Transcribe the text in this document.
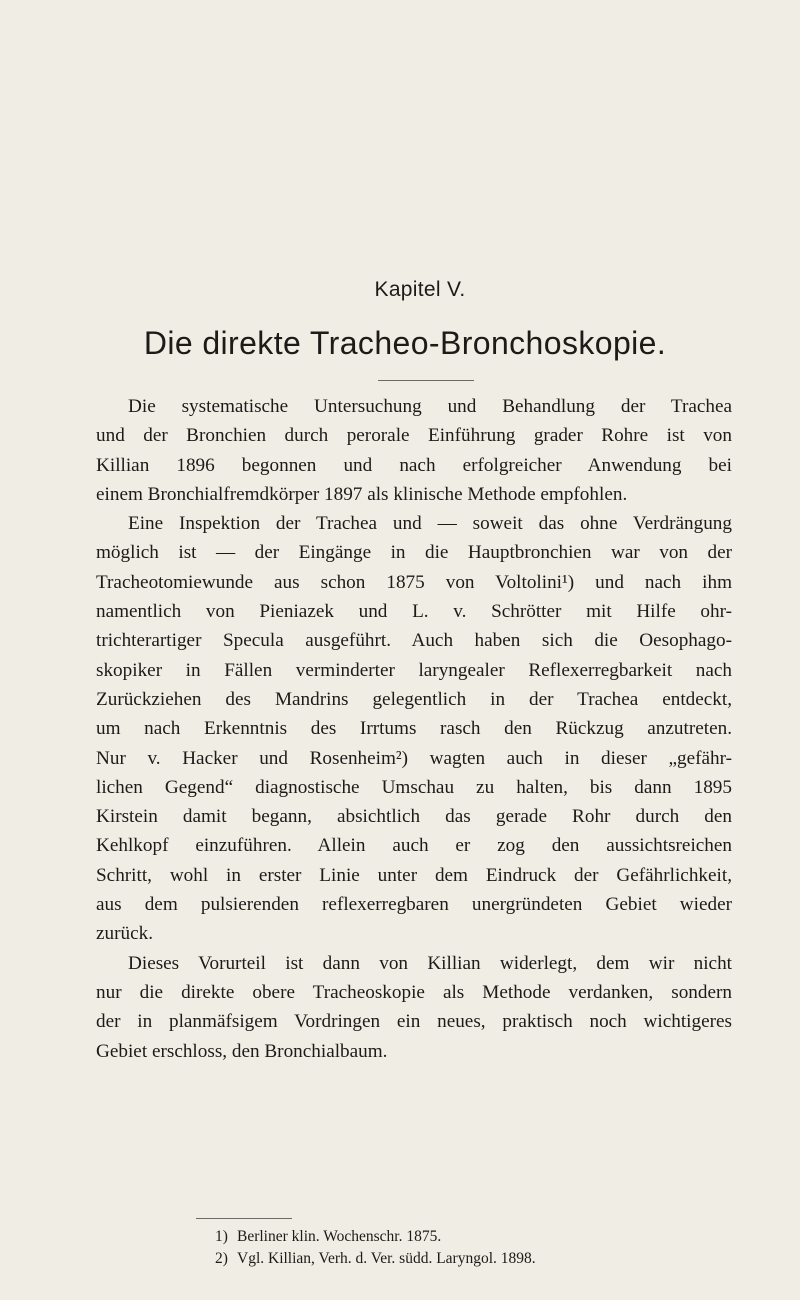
Kapitel V.
Die direkte Tracheo-Bronchoskopie.
Die systematische Untersuchung und Behandlung der Trachea
und der Bronchien durch perorale Einführung grader Rohre ist von
Killian 1896 begonnen und nach erfolgreicher Anwendung bei
einem Bronchialfremdkörper 1897 als klinische Methode empfohlen.
Eine Inspektion der Trachea und — soweit das ohne Verdrängung
möglich ist — der Eingänge in die Hauptbronchien war von der
Tracheotomiewunde aus schon 1875 von Voltolini¹) und nach ihm
namentlich von Pieniazek und L. v. Schrötter mit Hilfe ohr-
trichterartiger Specula ausgeführt. Auch haben sich die Oesophago-
skopiker in Fällen verminderter laryngealer Reflexerregbarkeit nach
Zurückziehen des Mandrins gelegentlich in der Trachea entdeckt,
um nach Erkenntnis des Irrtums rasch den Rückzug anzutreten.
Nur v. Hacker und Rosenheim²) wagten auch in dieser „gefähr-
lichen Gegend“ diagnostische Umschau zu halten, bis dann 1895
Kirstein damit begann, absichtlich das gerade Rohr durch den
Kehlkopf einzuführen. Allein auch er zog den aussichtsreichen
Schritt, wohl in erster Linie unter dem Eindruck der Gefährlichkeit,
aus dem pulsierenden reflexerregbaren unergründeten Gebiet wieder
zurück.
Dieses Vorurteil ist dann von Killian widerlegt, dem wir nicht
nur die direkte obere Tracheoskopie als Methode verdanken, sondern
der in planmäfsigem Vordringen ein neues, praktisch noch wichtigeres
Gebiet erschloss, den Bronchialbaum.
1) Berliner klin. Wochenschr. 1875.
2) Vgl. Killian, Verh. d. Ver. südd. Laryngol. 1898.
